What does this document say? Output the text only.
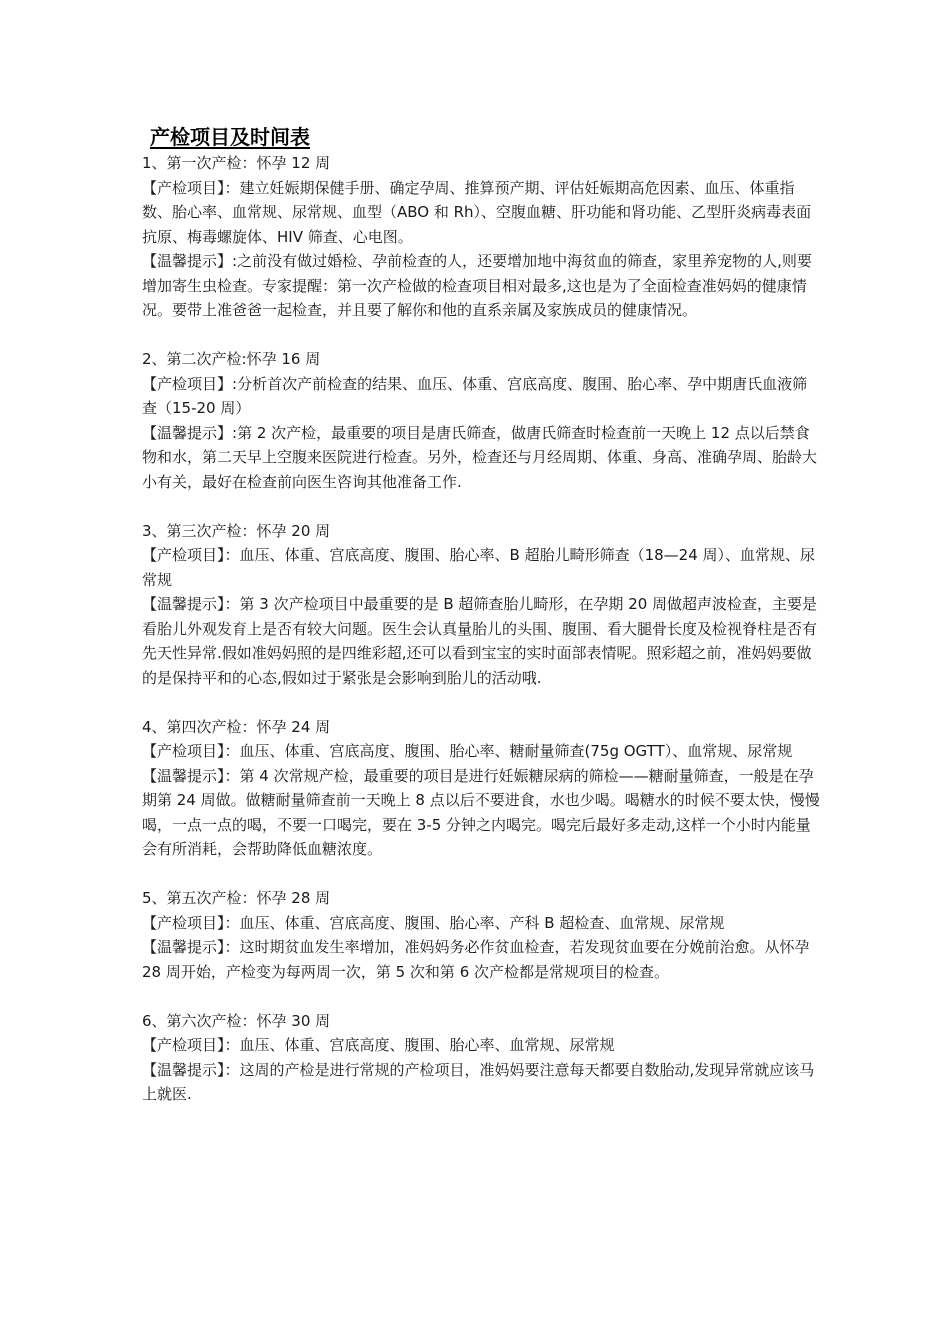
产检项目及时间表

1、第一次产检：怀孕 12 周

【产检项目】：建立妊娠期保健手册、确定孕周、推算预产期、评估妊娠期高危因素、血压、体重指数、胎心率、血常规、尿常规、血型（ABO 和 Rh）、空腹血糖、肝功能和肾功能、乙型肝炎病毒表面抗原、梅毒螺旋体、HIV 筛查、心电图。

【温馨提示】:之前没有做过婚检、孕前检查的人，还要增加地中海贫血的筛查，家里养宠物的人,则要增加寄生虫检查。专家提醒：第一次产检做的检查项目相对最多,这也是为了全面检查准妈妈的健康情况。要带上准爸爸一起检查，并且要了解你和他的直系亲属及家族成员的健康情况。

2、第二次产检:怀孕 16 周

【产检项目】:分析首次产前检查的结果、血压、体重、宫底高度、腹围、胎心率、孕中期唐氏血液筛查（15-20 周）

【温馨提示】:第 2 次产检，最重要的项目是唐氏筛查，做唐氏筛查时检查前一天晚上 12 点以后禁食物和水，第二天早上空腹来医院进行检查。另外，检查还与月经周期、体重、身高、准确孕周、胎龄大小有关，最好在检查前向医生咨询其他准备工作.

3、第三次产检：怀孕 20 周

【产检项目】：血压、体重、宫底高度、腹围、胎心率、B 超胎儿畸形筛查（18—24 周）、血常规、尿常规

【温馨提示】：第 3 次产检项目中最重要的是 B 超筛查胎儿畸形，在孕期 20 周做超声波检查，主要是看胎儿外观发育上是否有较大问题。医生会认真量胎儿的头围、腹围、看大腿骨长度及检视脊柱是否有先天性异常.假如准妈妈照的是四维彩超,还可以看到宝宝的实时面部表情呢。照彩超之前，准妈妈要做的是保持平和的心态,假如过于紧张是会影响到胎儿的活动哦.

4、第四次产检：怀孕 24 周

【产检项目】：血压、体重、宫底高度、腹围、胎心率、糖耐量筛查(75g OGTT）、血常规、尿常规

【温馨提示】：第 4 次常规产检，最重要的项目是进行妊娠糖尿病的筛检——糖耐量筛查，一般是在孕期第 24 周做。做糖耐量筛查前一天晚上 8 点以后不要进食，水也少喝。喝糖水的时候不要太快，慢慢喝，一点一点的喝，不要一口喝完，要在 3-5 分钟之内喝完。喝完后最好多走动,这样一个小时内能量会有所消耗，会帮助降低血糖浓度。

5、第五次产检：怀孕 28 周

【产检项目】：血压、体重、宫底高度、腹围、胎心率、产科 B 超检查、血常规、尿常规

【温馨提示】：这时期贫血发生率增加，准妈妈务必作贫血检查，若发现贫血要在分娩前治愈。从怀孕 28 周开始，产检变为每两周一次，第 5 次和第 6 次产检都是常规项目的检查。

6、第六次产检：怀孕 30 周

【产检项目】：血压、体重、宫底高度、腹围、胎心率、血常规、尿常规

【温馨提示】：这周的产检是进行常规的产检项目，准妈妈要注意每天都要自数胎动,发现异常就应该马上就医.
